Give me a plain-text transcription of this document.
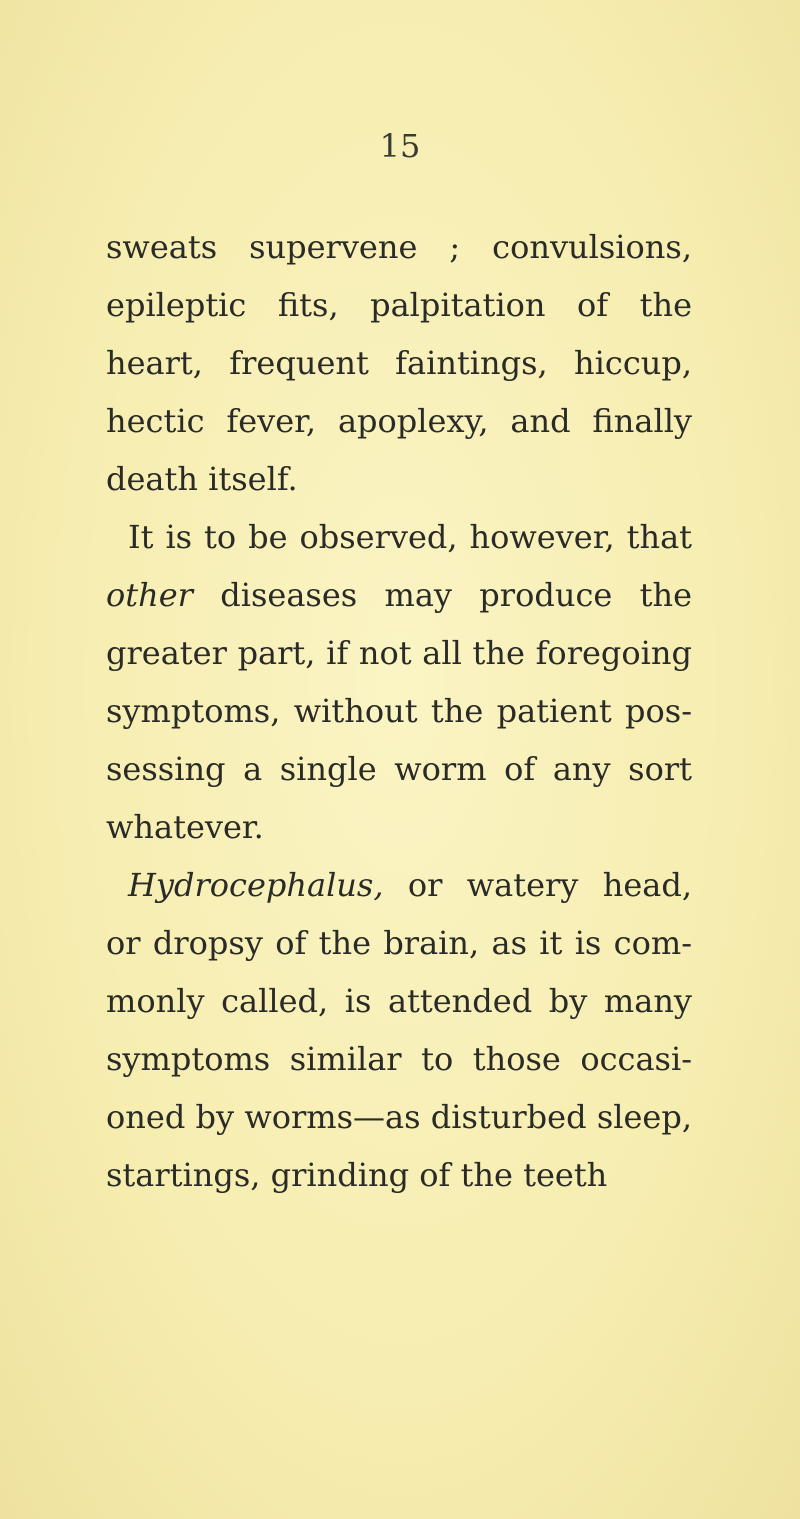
15
sweats supervene ; convulsions,
epileptic fits, palpitation of the
heart, frequent faintings, hiccup,
hectic fever, apoplexy, and finally
death itself.
It is to be observed, however, that
other diseases may produce the
greater part, if not all the foregoing
symptoms, without the patient pos-
sessing a single worm of any sort
whatever.
Hydrocephalus, or watery head,
or dropsy of the brain, as it is com-
monly called, is attended by many
symptoms similar to those occasi-
oned by worms—as disturbed sleep,
startings, grinding of the teeth
